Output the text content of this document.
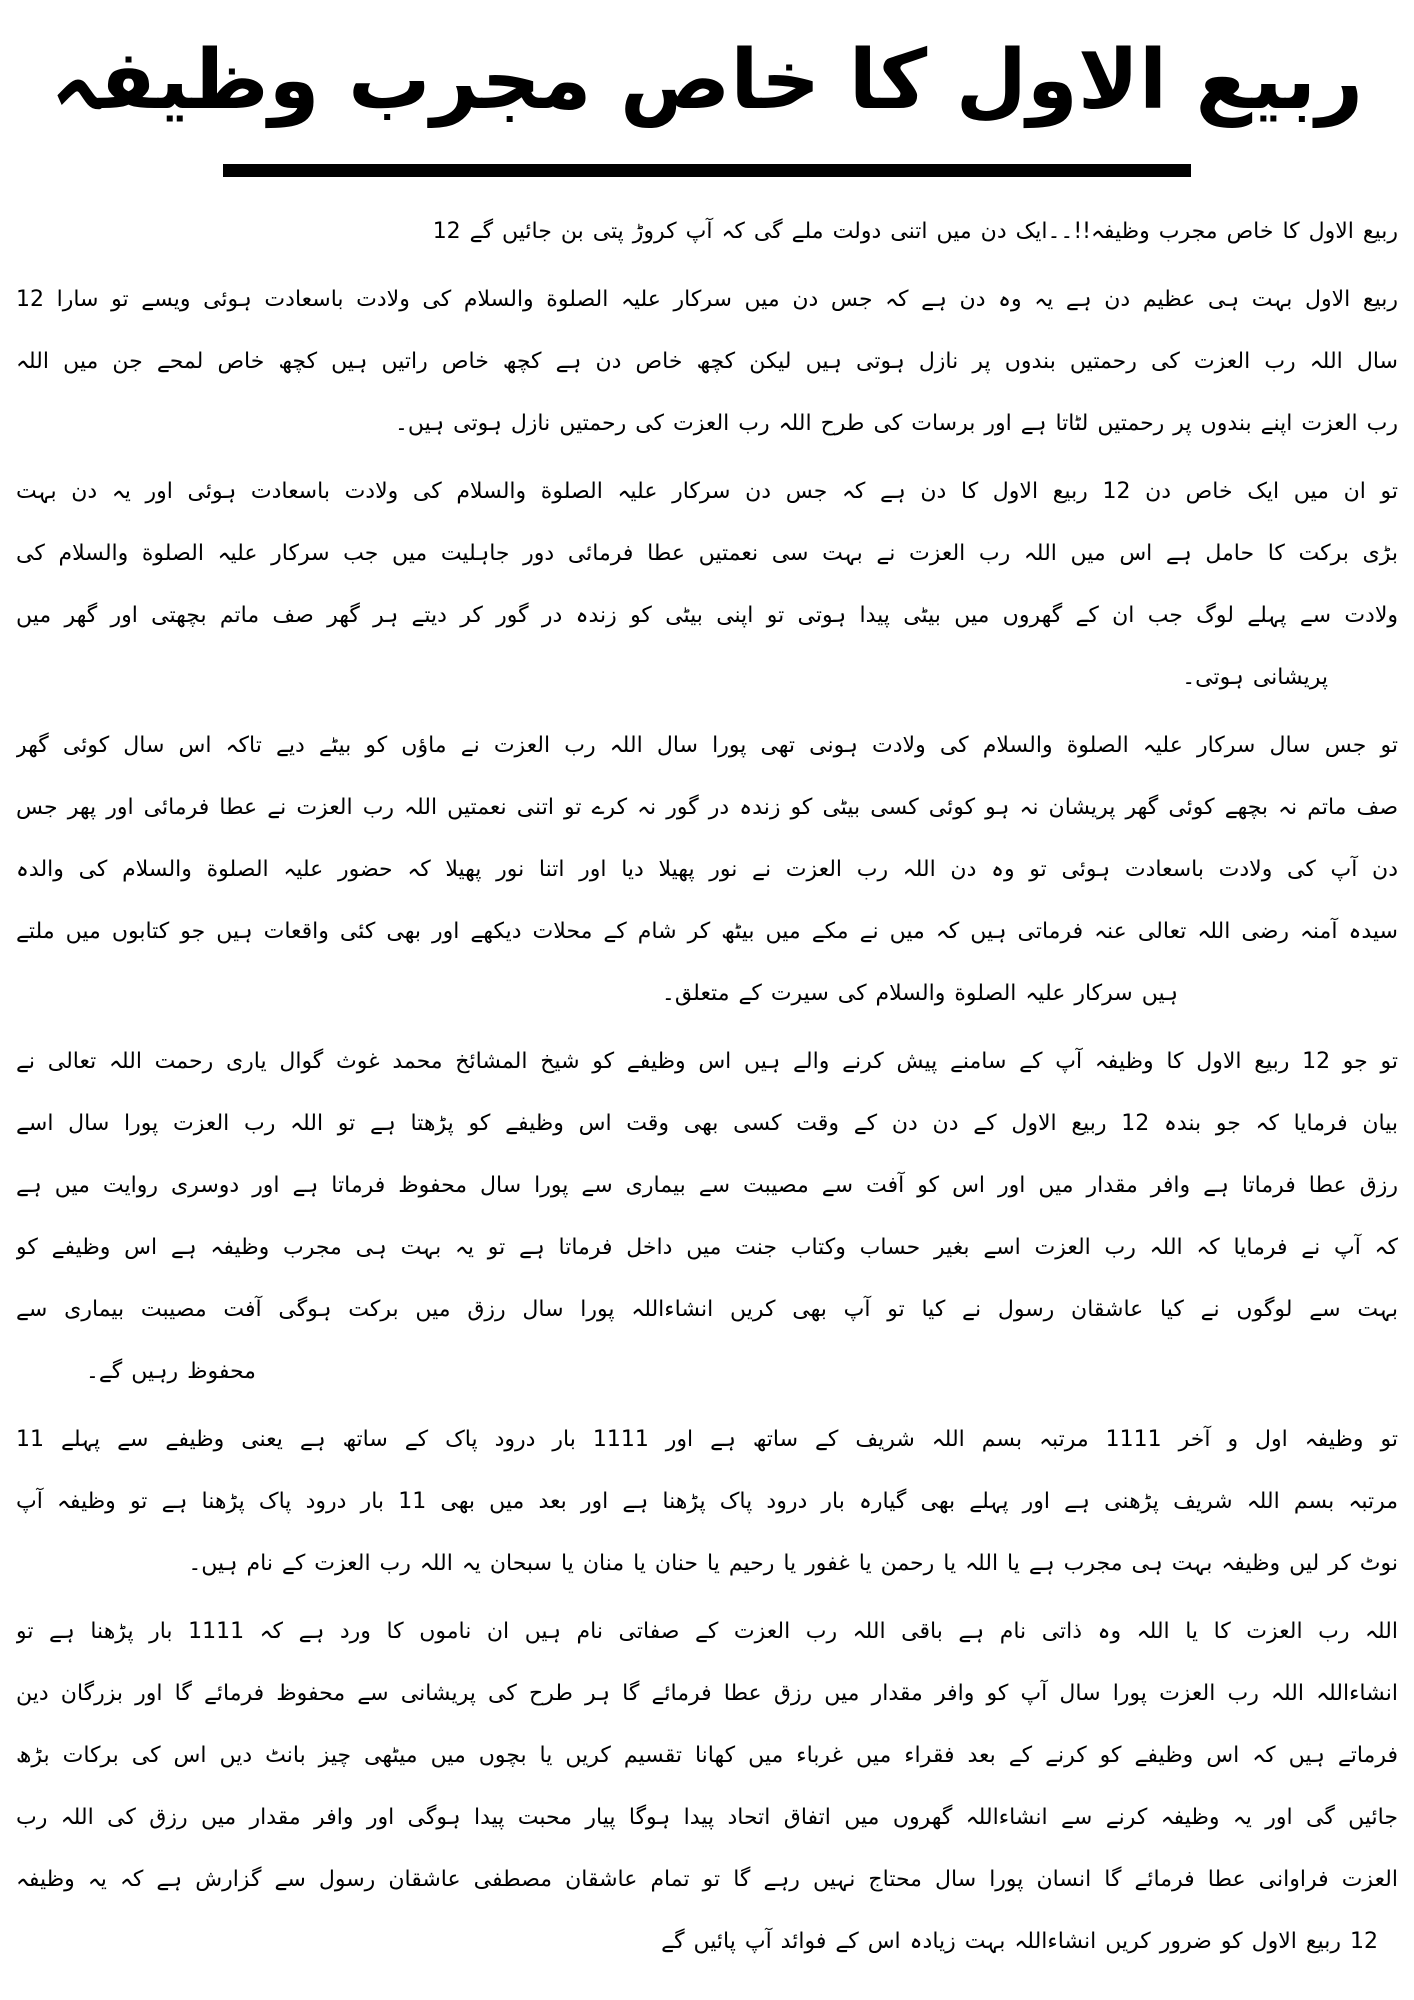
ربیع الاول کا خاص مجرب وظیفہ
ربیع الاول کا خاص مجرب وظیفہ!!۔۔ایک دن میں اتنی دولت ملے گی کہ آپ کروڑ پتی بن جائیں گے 12
ربیع الاول بہت ہی عظیم دن ہے یہ وہ دن ہے کہ جس دن میں سرکار علیہ الصلوة والسلام کی ولادت باسعادت ہوئی ویسے تو سارا 12
سال اللہ رب العزت کی رحمتیں بندوں پر نازل ہوتی ہیں لیکن کچھ خاص دن ہے کچھ خاص راتیں ہیں کچھ خاص لمحے جن میں اللہ
رب العزت اپنے بندوں پر رحمتیں لٹاتا ہے اور برسات کی طرح اللہ رب العزت کی رحمتیں نازل ہوتی ہیں۔
تو ان میں ایک خاص دن 12 ربیع الاول کا دن ہے کہ جس دن سرکار علیہ الصلوة والسلام کی ولادت باسعادت ہوئی اور یہ دن بہت
بڑی برکت کا حامل ہے اس میں اللہ رب العزت نے بہت سی نعمتیں عطا فرمائی دور جاہلیت میں جب سرکار علیہ الصلوة والسلام کی
ولادت سے پہلے لوگ جب ان کے گھروں میں بیٹی پیدا ہوتی تو اپنی بیٹی کو زندہ در گور کر دیتے ہر گھر صف ماتم بچھتی اور گھر میں
پریشانی ہوتی۔
تو جس سال سرکار علیہ الصلوة والسلام کی ولادت ہونی تھی پورا سال اللہ رب العزت نے ماؤں کو بیٹے دیے تاکہ اس سال کوئی گھر
صف ماتم نہ بچھے کوئی گھر پریشان نہ ہو کوئی کسی بیٹی کو زندہ در گور نہ کرے تو اتنی نعمتیں اللہ رب العزت نے عطا فرمائی اور پھر جس
دن آپ کی ولادت باسعادت ہوئی تو وہ دن اللہ رب العزت نے نور پھیلا دیا اور اتنا نور پھیلا کہ حضور علیہ الصلوة والسلام کی والدہ
سیدہ آمنہ رضی اللہ تعالی عنہ فرماتی ہیں کہ میں نے مکے میں بیٹھ کر شام کے محلات دیکھے اور بھی کئی واقعات ہیں جو کتابوں میں ملتے
ہیں سرکار علیہ الصلوة والسلام کی سیرت کے متعلق۔
تو جو 12 ربیع الاول کا وظیفہ آپ کے سامنے پیش کرنے والے ہیں اس وظیفے کو شیخ المشائخ محمد غوث گوال یاری رحمت اللہ تعالی نے
بیان فرمایا کہ جو بندہ 12 ربیع الاول کے دن دن کے وقت کسی بھی وقت اس وظیفے کو پڑھتا ہے تو اللہ رب العزت پورا سال اسے
رزق عطا فرماتا ہے وافر مقدار میں اور اس کو آفت سے مصیبت سے بیماری سے پورا سال محفوظ فرماتا ہے اور دوسری روایت میں ہے
کہ آپ نے فرمایا کہ اللہ رب العزت اسے بغیر حساب وکتاب جنت میں داخل فرماتا ہے تو یہ بہت ہی مجرب وظیفہ ہے اس وظیفے کو
بہت سے لوگوں نے کیا عاشقان رسول نے کیا تو آپ بھی کریں انشاءاللہ پورا سال رزق میں برکت ہوگی آفت مصیبت بیماری سے
محفوظ رہیں گے۔
تو وظیفہ اول و آخر 1111 مرتبہ بسم اللہ شریف کے ساتھ ہے اور 1111 بار درود پاک کے ساتھ ہے یعنی وظیفے سے پہلے 11
مرتبہ بسم اللہ شریف پڑھنی ہے اور پہلے بھی گیارہ بار درود پاک پڑھنا ہے اور بعد میں بھی 11 بار درود پاک پڑھنا ہے تو وظیفہ آپ
نوٹ کر لیں وظیفہ بہت ہی مجرب ہے یا اللہ یا رحمن یا غفور یا رحیم یا حنان یا منان یا سبحان یہ اللہ رب العزت کے نام ہیں۔
اللہ رب العزت کا یا اللہ وہ ذاتی نام ہے باقی اللہ رب العزت کے صفاتی نام ہیں ان ناموں کا ورد ہے کہ 1111 بار پڑھنا ہے تو
انشاءاللہ اللہ رب العزت پورا سال آپ کو وافر مقدار میں رزق عطا فرمائے گا ہر طرح کی پریشانی سے محفوظ فرمائے گا اور بزرگان دین
فرماتے ہیں کہ اس وظیفے کو کرنے کے بعد فقراء میں غرباء میں کھانا تقسیم کریں یا بچوں میں میٹھی چیز بانٹ دیں اس کی برکات بڑھ
جائیں گی اور یہ وظیفہ کرنے سے انشاءاللہ گھروں میں اتفاق اتحاد پیدا ہوگا پیار محبت پیدا ہوگی اور وافر مقدار میں رزق کی اللہ رب
العزت فراوانی عطا فرمائے گا انسان پورا سال محتاج نہیں رہے گا تو تمام عاشقان مصطفی عاشقان رسول سے گزارش ہے کہ یہ وظیفہ
12 ربیع الاول کو ضرور کریں انشاءاللہ بہت زیادہ اس کے فوائد آپ پائیں گے
